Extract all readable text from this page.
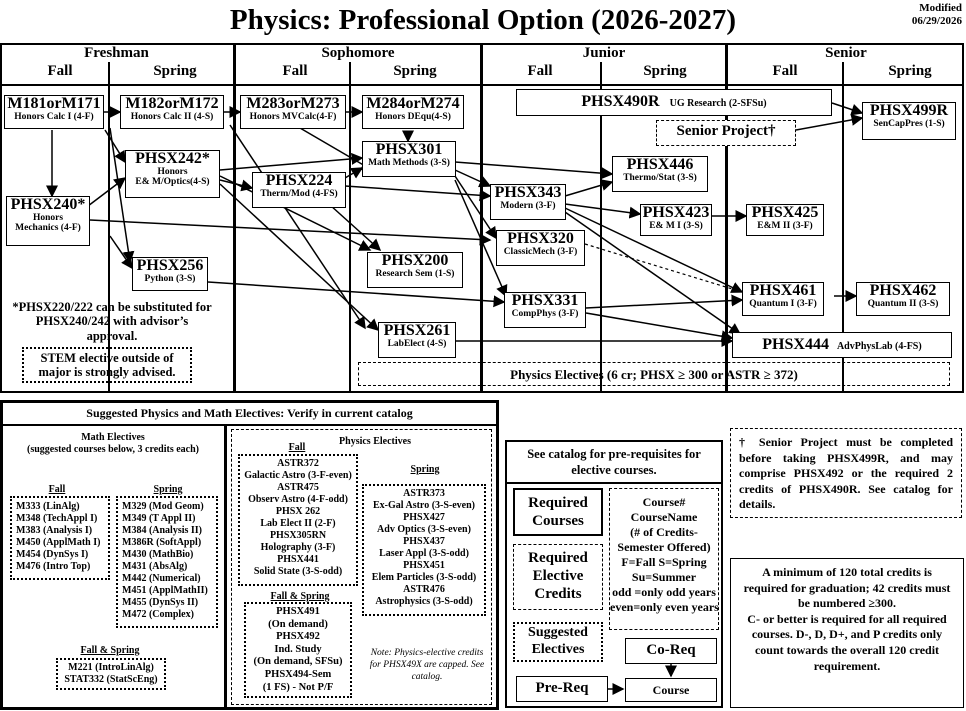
Physics: Professional Option (2026-2027)	Modified
06/29/2026
Freshman	Sophomore	Junior	Senior
Fall	Spring	Fall	Spring	Fall	Spring	Fall	Spring
M181orM171
Honors Calc I (4-F)
M182orM172
Honors Calc II (4-S)
M283orM273
Honors MVCalc(4-F)
M284orM274
Honors DEqu(4-S)
PHSX490R UG Research (2-SFSu)	PHSX499R
SenCapPres (1-S)
Senior Project†
PHSX242*
Honors
E& M/Optics(4-S)
PHSX301
Math Methods (3-S)	PHSX446
Thermo/Stat (3-S)
PHSX224
Therm/Mod (4-FS)
PHSX240*
Honors
Mechanics (4-F)
PHSX343
Modern (3-F)	PHSX423
E& M I (3-S)
PHSX425
E&M II (3-F)
PHSX320
ClassicMech (3-F)
PHSX256
Python (3-S)
PHSX200
Research Sem (1-S)
PHSX461
Quantum I (3-F)
PHSX462
Quantum II (3-S)
PHSX331
CompPhys (3-F)
PHSX261
LabElect (4-S)	PHSX444 AdvPhysLab (4-FS)
*PHSX220/222 can be substituted for PHSX240/242 with advisor’s approval.
STEM elective outside of major is strongly advised.	Physics Electives (6 cr; PHSX ≥ 300 or ASTR ≥ 372)
Suggested Physics and Math Electives: Verify in current catalog
Math Electives
(suggested courses below, 3 credits each)
Fall
M333 (LinAlg)
M348 (TechAppl I)
M383 (Analysis I)
M450 (ApplMath I)
M454 (DynSys I)
M476 (Intro Top)
Spring
M329 (Mod Geom)
M349 (T Appl II)
M384 (Analysis II)
M386R (SoftAppl)
M430 (MathBio)
M431 (AbsAlg)
M442 (Numerical)
M451 (ApplMathII)
M455 (DynSys II)
M472 (Complex)
Fall & Spring
M221 (IntroLinAlg)
STAT332 (StatScEng)
Physics Electives
Fall
ASTR372
Galactic Astro (3-F-even)
ASTR475
Observ Astro (4-F-odd)
PHSX 262
Lab Elect II (2-F)
PHSX305RN
Holography (3-F)
PHSX441
Solid State (3-S-odd)
Spring
ASTR373
Ex-Gal Astro (3-S-even)
PHSX427
Adv Optics (3-S-even)
PHSX437
Laser Appl (3-S-odd)
PHSX451
Elem Particles (3-S-odd)
ASTR476
Astrophysics (3-S-odd)
Fall & Spring
PHSX491
(On demand)
PHSX492
Ind. Study
(On demand, SFSu)
PHSX494-Sem
(1 FS) - Not P/F
Note: Physics-elective credits for PHSX49X are capped. See catalog.
See catalog for pre-requisites for elective courses.
Required Courses
Required Elective Credits
Suggested Electives
Course#
CourseName
(# of Credits-
Semester Offered)
F=Fall S=Spring
Su=Summer
odd =only odd years
even=only even years
Co-Req
Pre-Req	Course
† Senior Project must be completed before taking PHSX499R, and may comprise PHSX492 or the required 2 credits of PHSX490R. See catalog for details.
A minimum of 120 total credits is required for graduation; 42 credits must be numbered ≥300.
C- or better is required for all required courses. D-, D, D+, and P credits only count towards the overall 120 credit requirement.
